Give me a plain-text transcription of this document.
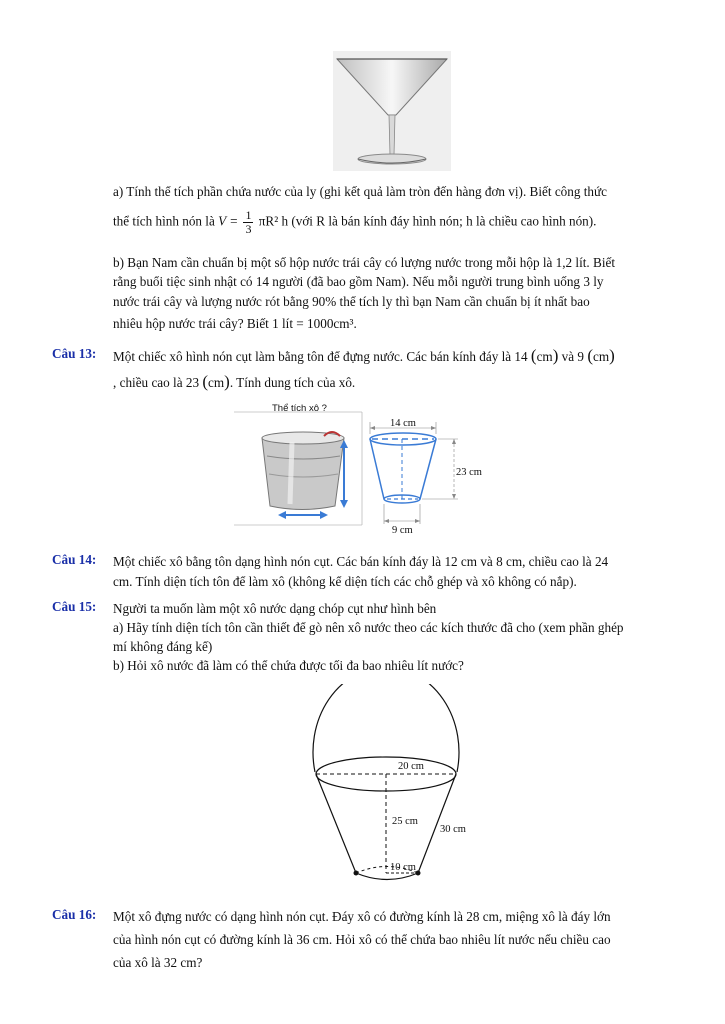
a) Tính thể tích phần chứa nước của ly (ghi kết quả làm tròn đến hàng đơn vị). Biết công thức

thể tích hình nón là $V = \frac{1}{3} \pi R^2$ h (với R là bán kính đáy hình nón; h là chiều cao hình nón).

b) Bạn Nam cần chuẩn bị một số hộp nước trái cây có lượng nước trong mỗi hộp là 1,2 lít. Biết

rằng buổi tiệc sinh nhật có 14 người (đã bao gồm Nam). Nếu mỗi người trung bình uống 3 ly

nước trái cây và lượng nước rót bằng 90% thể tích ly thì bạn Nam cần chuẩn bị ít nhất bao

nhiêu hộp nước trái cây? Biết 1 lít = 1000cm³.

Câu 13: Một chiếc xô hình nón cụt làm bằng tôn để đựng nước. Các bán kính đáy là 14 (cm) và 9 (cm)
, chiều cao là 23 (cm). Tính dung tích của xô.
Thể tích xô ?
14 cm
23 cm
9 cm
Câu 14: Một chiếc xô bằng tôn dạng hình nón cụt. Các bán kính đáy là 12 cm và 8 cm, chiều cao là 24

cm. Tính diện tích tôn để làm xô (không kể diện tích các chỗ ghép và xô không có nắp).

Câu 15: Người ta muốn làm một xô nước dạng chóp cụt như hình bên

a) Hãy tính diện tích tôn cần thiết để gò nên xô nước theo các kích thước đã cho (xem phần ghép

mí không đáng kể)

b) Hỏi xô nước đã làm có thể chứa được tối đa bao nhiêu lít nước?

20 cm
25 cm
30 cm
10 cm
Câu 16: Một xô đựng nước có dạng hình nón cụt. Đáy xô có đường kính là 28 cm, miệng xô là đáy lớn

của hình nón cụt có đường kính là 36 cm. Hỏi xô có thể chứa bao nhiêu lít nước nếu chiều cao

của xô là 32 cm?
